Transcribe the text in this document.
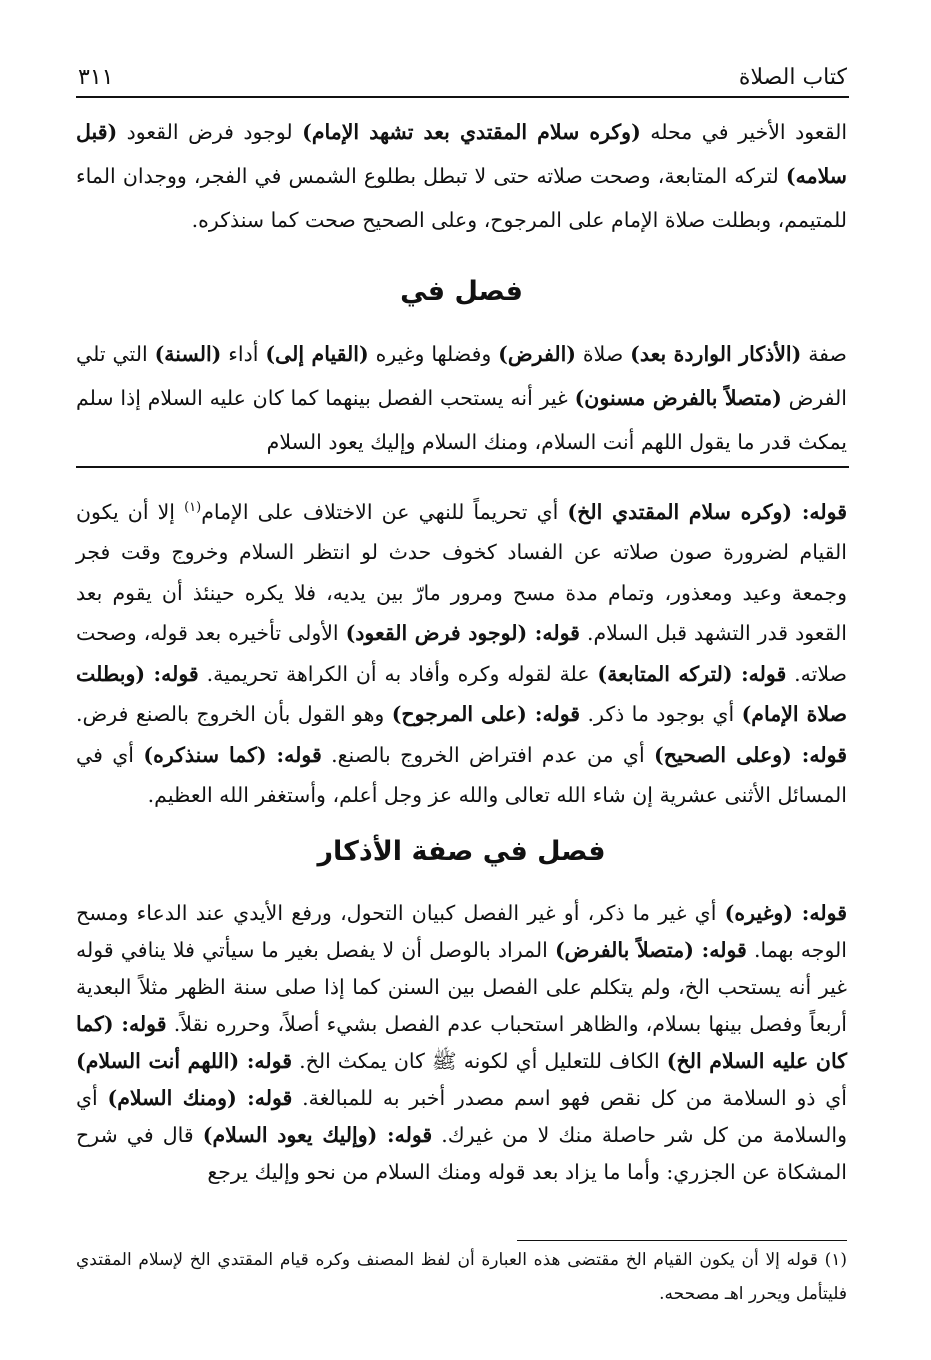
كتاب الصلاة
٣١١
القعود الأخير في محله (وكره سلام المقتدي بعد تشهد الإمام) لوجود فرض القعود (قبل سلامه) لتركه المتابعة، وصحت صلاته حتى لا تبطل بطلوع الشمس في الفجر، ووجدان الماء للمتيمم، وبطلت صلاة الإمام على المرجوح، وعلى الصحيح صحت كما سنذكره.
فصل في
صفة (الأذكار الواردة بعد) صلاة (الفرض) وفضلها وغيره (القيام إلى) أداء (السنة) التي تلي الفرض (متصلاً بالفرض مسنون) غير أنه يستحب الفصل بينهما كما كان عليه السلام إذا سلم يمكث قدر ما يقول اللهم أنت السلام، ومنك السلام وإليك يعود السلام
قوله: (وكره سلام المقتدي الخ) أي تحريماً للنهي عن الاختلاف على الإمام$^{(١)}$ إلا أن يكون القيام لضرورة صون صلاته عن الفساد كخوف حدث لو انتظر السلام وخروج وقت فجر وجمعة وعيد ومعذور، وتمام مدة مسح ومرور مارّ بين يديه، فلا يكره حينئذ أن يقوم بعد القعود قدر التشهد قبل السلام. قوله: (لوجود فرض القعود) الأولى تأخيره بعد قوله، وصحت صلاته. قوله: (لتركه المتابعة) علة لقوله وكره وأفاد به أن الكراهة تحريمية. قوله: (وبطلت صلاة الإمام) أي بوجود ما ذكر. قوله: (على المرجوح) وهو القول بأن الخروج بالصنع فرض. قوله: (وعلى الصحيح) أي من عدم افتراض الخروج بالصنع. قوله: (كما سنذكره) أي في المسائل الأثنى عشرية إن شاء الله تعالى والله عز وجل أعلم، وأستغفر الله العظيم.
فصل في صفة الأذكار
قوله: (وغيره) أي غير ما ذكر، أو غير الفصل كبيان التحول، ورفع الأيدي عند الدعاء ومسح الوجه بهما. قوله: (متصلاً بالفرض) المراد بالوصل أن لا يفصل بغير ما سيأتي فلا ينافي قوله غير أنه يستحب الخ، ولم يتكلم على الفصل بين السنن كما إذا صلى سنة الظهر مثلاً البعدية أربعاً وفصل بينها بسلام، والظاهر استحباب عدم الفصل بشيء أصلاً، وحرره نقلاً. قوله: (كما كان عليه السلام الخ) الكاف للتعليل أي لكونه ﷺ كان يمكث الخ. قوله: (اللهم أنت السلام) أي ذو السلامة من كل نقص فهو اسم مصدر أخبر به للمبالغة. قوله: (ومنك السلام) أي والسلامة من كل شر حاصلة منك لا من غيرك. قوله: (وإليك يعود السلام) قال في شرح المشكاة عن الجزري: وأما ما يزاد بعد قوله ومنك السلام من نحو وإليك يرجع
(١) قوله إلا أن يكون القيام الخ مقتضى هذه العبارة أن لفظ المصنف وكره قيام المقتدي الخ لإسلام المقتدي فليتأمل ويحرر اهـ مصححه.
